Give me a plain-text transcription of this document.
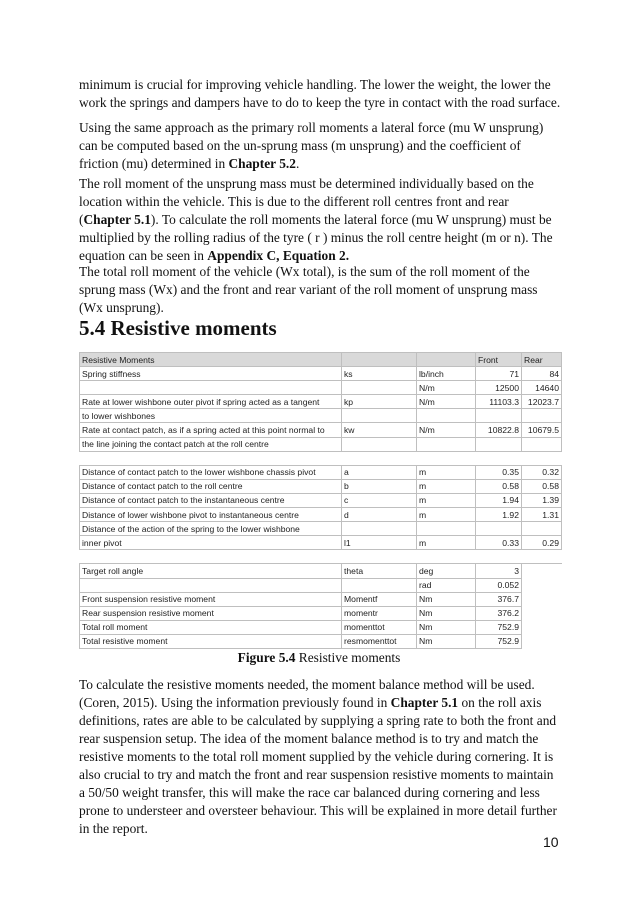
minimum is crucial for improving vehicle handling. The lower the weight, the lower the work the springs and dampers have to do to keep the tyre in contact with the road surface.

Using the same approach as the primary roll moments a lateral force (mu W unsprung) can be computed based on the un-sprung mass (m unsprung) and the coefficient of friction (mu) determined in Chapter 5.2.

The roll moment of the unsprung mass must be determined individually based on the location within the vehicle. This is due to the different roll centres front and rear (Chapter 5.1). To calculate the roll moments the lateral force (mu W unsprung) must be multiplied by the rolling radius of the tyre ( r ) minus the roll centre height (m or n). The equation can be seen in Appendix C, Equation 2.

The total roll moment of the vehicle (Wx total), is the sum of the roll moment of the sprung mass (Wx) and the front and rear variant of the roll moment of unsprung mass (Wx unsprung).

5.4 Resistive moments
Resistive Moments			Front	Rear
Spring stiffness	ks	lb/inch	71	84
		N/m	12500	14640
Rate at lower wishbone outer pivot if spring acted as a tangent	kp	N/m	11103.3	12023.7
to lower wishbones				
Rate at contact patch, as if a spring acted at this point normal to	kw	N/m	10822.8	10679.5
the line joining the contact patch at the roll centre				

Distance of contact patch to the lower wishbone chassis pivot	a	m	0.35	0.32
Distance of contact patch to the roll centre	b	m	0.58	0.58
Distance of contact patch to the instantaneous centre	c	m	1.94	1.39
Distance of lower wishbone pivot to instantaneous centre	d	m	1.92	1.31
Distance of the action of the spring to the lower wishbone				
inner pivot	l1	m	0.33	0.29

Target roll angle	theta	deg	3	
		rad	0.052	
Front suspension resistive moment	Momentf	Nm	376.7	
Rear suspension resistive moment	momentr	Nm	376.2	
Total roll moment	momenttot	Nm	752.9	
Total resistive moment	resmomenttot	Nm	752.9	

Figure 5.4 Resistive moments

To calculate the resistive moments needed, the moment balance method will be used. (Coren, 2015). Using the information previously found in Chapter 5.1 on the roll axis definitions, rates are able to be calculated by supplying a spring rate to both the front and rear suspension setup. The idea of the moment balance method is to try and match the resistive moments to the total roll moment supplied by the vehicle during cornering. It is also crucial to try and match the front and rear suspension resistive moments to maintain a 50/50 weight transfer, this will make the race car balanced during cornering and less prone to understeer and oversteer behaviour. This will be explained in more detail further in the report.

10
